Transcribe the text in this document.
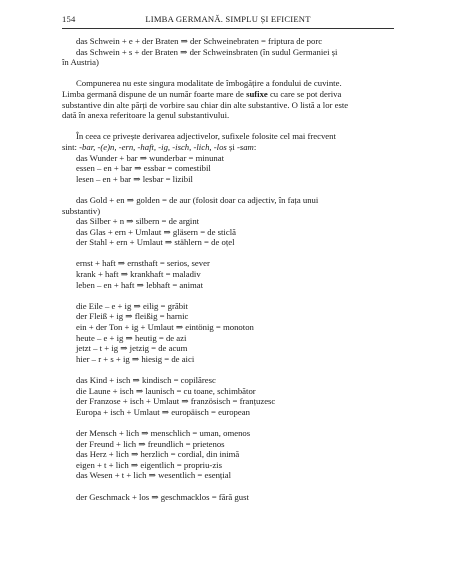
154	LIMBA GERMANĂ. SIMPLU ȘI EFICIENT
das Schwein + e + der Braten ⇒ der Schweinebraten = friptura de porc
das Schwein + s + der Braten ⇒ der Schweinsbraten (în sudul Germaniei și
în Austria)
Compunerea nu este singura modalitate de îmbogățire a fondului de cuvinte.
Limba germană dispune de un număr foarte mare de sufixe cu care se pot deriva
substantive din alte părți de vorbire sau chiar din alte substantive. O listă a lor este
dată în anexa referitoare la genul substantivului.
În ceea ce privește derivarea adjectivelor, sufixele folosite cel mai frecvent
sint: -bar, -(e)n, -ern, -haft, -ig, -isch, -lich, -los și -sam:
das Wunder + bar ⇒ wunderbar = minunat
essen – en + bar ⇒ essbar = comestibil
lesen – en + bar ⇒ lesbar = lizibil
das Gold + en ⇒ golden = de aur (folosit doar ca adjectiv, în fața unui
substantiv)
das Silber + n ⇒ silbern = de argint
das Glas + ern + Umlaut ⇒ gläsern = de sticlă
der Stahl + ern + Umlaut ⇒ stählern = de oțel
ernst + haft ⇒ ernsthaft = serios, sever
krank + haft ⇒ krankhaft = maladiv
leben – en + haft ⇒ lebhaft = animat
die Eile – e + ig ⇒ eilig = grăbit
der Fleiß + ig ⇒ fleißig = harnic
ein + der Ton + ig + Umlaut ⇒ eintönig = monoton
heute – e + ig ⇒ heutig = de azi
jetzt – t + ig ⇒ jetzig = de acum
hier – r + s + ig ⇒ hiesig = de aici
das Kind + isch ⇒ kindisch = copilăresc
die Laune + isch ⇒ launisch = cu toane, schimbător
der Franzose + isch + Umlaut ⇒ französisch = franțuzesc
Europa + isch + Umlaut ⇒ europäisch = european
der Mensch + lich ⇒ menschlich = uman, omenos
der Freund + lich ⇒ freundlich = prietenos
das Herz + lich ⇒ herzlich = cordial, din inimă
eigen + t + lich ⇒ eigentlich = propriu-zis
das Wesen + t + lich ⇒ wesentlich = esențial
der Geschmack + los ⇒ geschmacklos = fără gust
